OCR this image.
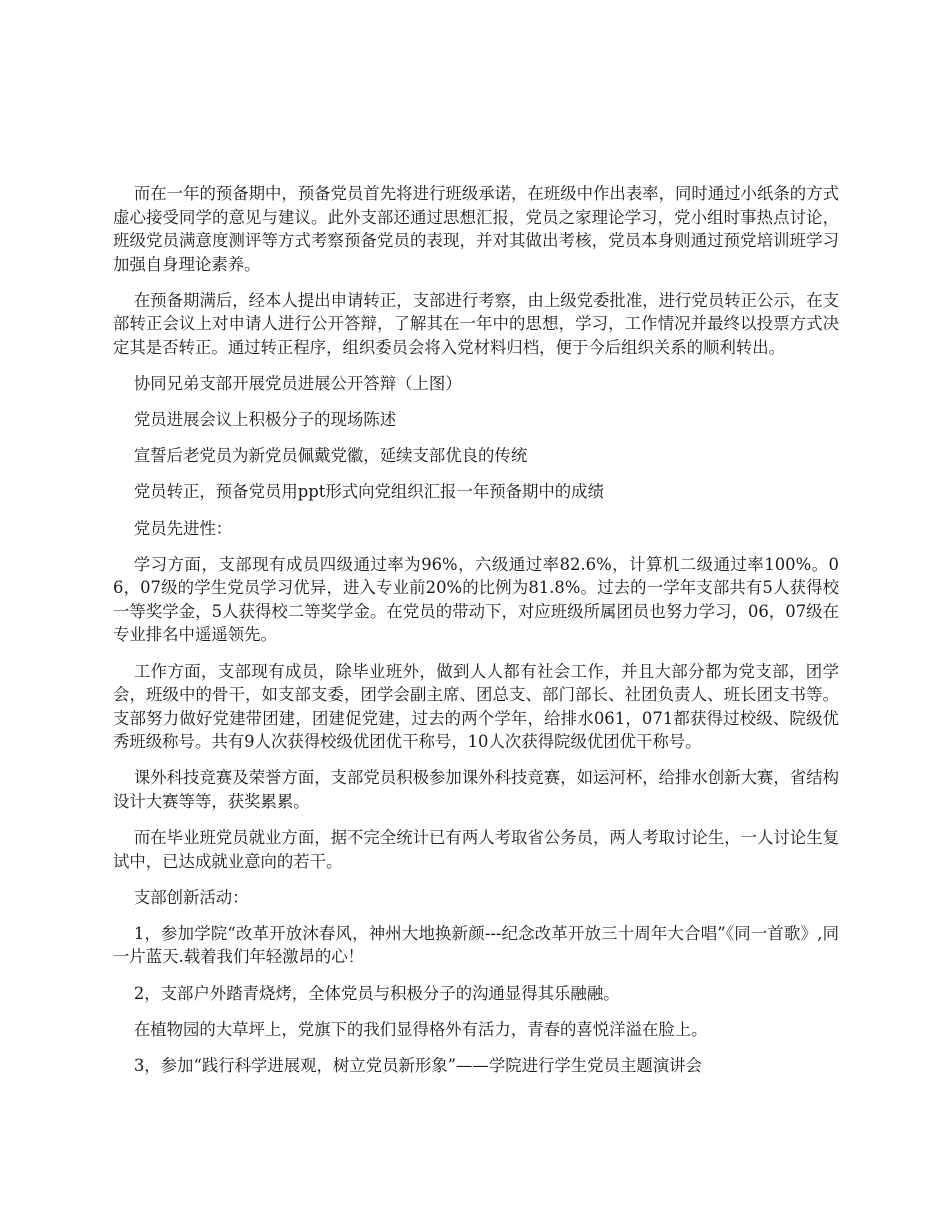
而在一年的预备期中，预备党员首先将进行班级承诺，在班级中作出表率，同时通过小纸条的方式虚心接受同学的意见与建议。此外支部还通过思想汇报，党员之家理论学习，党小组时事热点讨论，班级党员满意度测评等方式考察预备党员的表现，并对其做出考核，党员本身则通过预党培训班学习加强自身理论素养。

在预备期满后，经本人提出申请转正，支部进行考察，由上级党委批准，进行党员转正公示，在支部转正会议上对申请人进行公开答辩，了解其在一年中的思想，学习，工作情况并最终以投票方式决定其是否转正。通过转正程序，组织委员会将入党材料归档，便于今后组织关系的顺利转出。

协同兄弟支部开展党员进展公开答辩（上图）

党员进展会议上积极分子的现场陈述

宣誓后老党员为新党员佩戴党徽，延续支部优良的传统

党员转正，预备党员用ppt形式向党组织汇报一年预备期中的成绩

党员先进性：

学习方面，支部现有成员四级通过率为96%，六级通过率82.6%，计算机二级通过率100%。06，07级的学生党员学习优异，进入专业前20%的比例为81.8%。过去的一学年支部共有5人获得校一等奖学金，5人获得校二等奖学金。在党员的带动下，对应班级所属团员也努力学习，06，07级在专业排名中遥遥领先。

工作方面，支部现有成员，除毕业班外，做到人人都有社会工作，并且大部分都为党支部，团学会，班级中的骨干，如支部支委，团学会副主席、团总支、部门部长、社团负责人、班长团支书等。支部努力做好党建带团建，团建促党建，过去的两个学年，给排水061，071都获得过校级、院级优秀班级称号。共有9人次获得校级优团优干称号，10人次获得院级优团优干称号。

课外科技竞赛及荣誉方面，支部党员积极参加课外科技竞赛，如运河杯，给排水创新大赛，省结构设计大赛等等，获奖累累。

而在毕业班党员就业方面，据不完全统计已有两人考取省公务员，两人考取讨论生，一人讨论生复试中，已达成就业意向的若干。

支部创新活动：

1，参加学院“改革开放沐春风，神州大地换新颜---纪念改革开放三十周年大合唱”《同一首歌》,同一片蓝天.载着我们年轻激昂的心！

2，支部户外踏青烧烤，全体党员与积极分子的沟通显得其乐融融。

在植物园的大草坪上，党旗下的我们显得格外有活力，青春的喜悦洋溢在脸上。

3，参加“践行科学进展观，树立党员新形象”——学院进行学生党员主题演讲会
